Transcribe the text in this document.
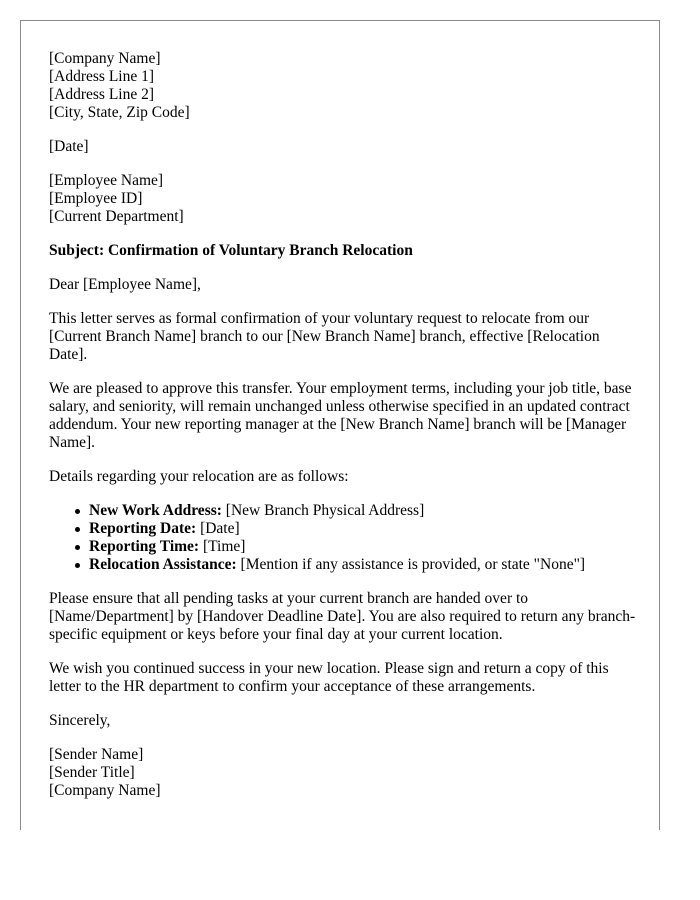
[Company Name]
[Address Line 1]
[Address Line 2]
[City, State, Zip Code]

[Date]

[Employee Name]
[Employee ID]
[Current Department]

Subject: Confirmation of Voluntary Branch Relocation

Dear [Employee Name],

This letter serves as formal confirmation of your voluntary request to relocate from our [Current Branch Name] branch to our [New Branch Name] branch, effective [Relocation Date].

We are pleased to approve this transfer. Your employment terms, including your job title, base salary, and seniority, will remain unchanged unless otherwise specified in an updated contract addendum. Your new reporting manager at the [New Branch Name] branch will be [Manager Name].

Details regarding your relocation are as follows:

New Work Address: [New Branch Physical Address]
Reporting Date: [Date]
Reporting Time: [Time]
Relocation Assistance: [Mention if any assistance is provided, or state "None"]

Please ensure that all pending tasks at your current branch are handed over to [Name/Department] by [Handover Deadline Date]. You are also required to return any branch-specific equipment or keys before your final day at your current location.

We wish you continued success in your new location. Please sign and return a copy of this letter to the HR department to confirm your acceptance of these arrangements.

Sincerely,

[Sender Name]
[Sender Title]
[Company Name]
